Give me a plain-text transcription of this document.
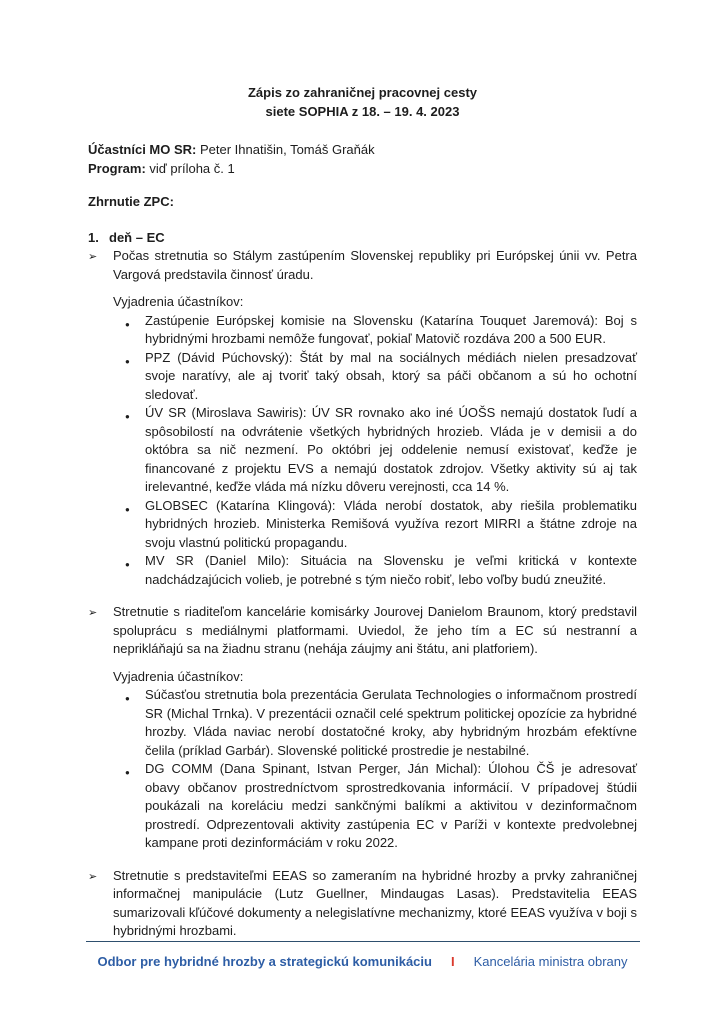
Zápis zo zahraničnej pracovnej cesty
siete SOPHIA z 18. – 19. 4. 2023

Účastníci MO SR: Peter Ihnatišin, Tomáš Graňák

Program: viď príloha č. 1

Zhrnutie ZPC:

1. deň – EC

➢	Počas stretnutia so Stálym zastúpením Slovenskej republiky pri Európskej únii vv. Petra Vargová predstavila činnosť úradu.

Vyjadrenia účastníkov:

●	Zastúpenie Európskej komisie na Slovensku (Katarína Touquet Jaremová): Boj s hybridnými hrozbami nemôže fungovať, pokiaľ Matovič rozdáva 200 a 500 EUR.

●	PPZ (Dávid Púchovský): Štát by mal na sociálnych médiách nielen presadzovať svoje naratívy, ale aj tvoriť taký obsah, ktorý sa páči občanom a sú ho ochotní sledovať.

●	ÚV SR (Miroslava Sawiris): ÚV SR rovnako ako iné ÚOŠS nemajú dostatok ľudí a spôsobilostí na odvrátenie všetkých hybridných hrozieb. Vláda je v demisii a do októbra sa nič nezmení. Po októbri jej oddelenie nemusí existovať, keďže je financované z projektu EVS a nemajú dostatok zdrojov. Všetky aktivity sú aj tak irelevantné, keďže vláda má nízku dôveru verejnosti, cca 14 %.

●	GLOBSEC (Katarína Klingová): Vláda nerobí dostatok, aby riešila problematiku hybridných hrozieb. Ministerka Remišová využíva rezort MIRRI a štátne zdroje na svoju vlastnú politickú propagandu.

●	MV SR (Daniel Milo): Situácia na Slovensku je veľmi kritická v kontexte nadchádzajúcich volieb, je potrebné s tým niečo robiť, lebo voľby budú zneužité.

➢	Stretnutie s riaditeľom kancelárie komisárky Jourovej Danielom Braunom, ktorý predstavil spoluprácu s mediálnymi platformami. Uviedol, že jeho tím a EC sú nestranní a neprikláňajú sa na žiadnu stranu (nehája záujmy ani štátu, ani platforiem).

Vyjadrenia účastníkov:

●	Súčasťou stretnutia bola prezentácia Gerulata Technologies o informačnom prostredí SR (Michal Trnka). V prezentácii označil celé spektrum politickej opozície za hybridné hrozby. Vláda naviac nerobí dostatočné kroky, aby hybridným hrozbám efektívne čelila (príklad Garbár). Slovenské politické prostredie je nestabilné.

●	DG COMM (Dana Spinant, Istvan Perger, Ján Michal): Úlohou ČŠ je adresovať obavy občanov prostredníctvom sprostredkovania informácií. V prípadovej štúdii poukázali na koreláciu medzi sankčnými balíkmi a aktivitou v dezinformačnom prostredí. Odprezentovali aktivity zastúpenia EC v Paríži v kontexte predvolebnej kampane proti dezinformáciám v roku 2022.

➢	Stretnutie s predstaviteľmi EEAS so zameraním na hybridné hrozby a prvky zahraničnej informačnej manipulácie (Lutz Guellner, Mindaugas Lasas). Predstavitelia EEAS sumarizovali kľúčové dokumenty a nelegislatívne mechanizmy, ktoré EEAS využíva v boji s hybridnými hrozbami.

Odbor pre hybridné hrozby a strategickú komunikáciu I Kancelária ministra obrany
